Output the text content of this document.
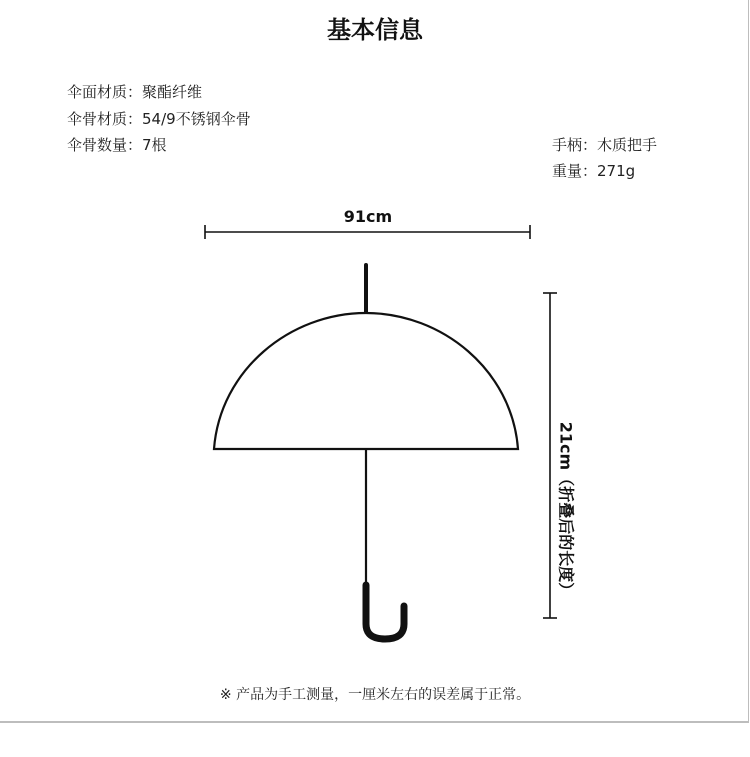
基本信息
伞面材质：聚酯纤维
伞骨材质：54/9不锈钢伞骨
伞骨数量：7根	手柄：木质把手
重量：271g
91cm
21cm（折叠后的长度）
※ 产品为手工测量，一厘米左右的误差属于正常。
